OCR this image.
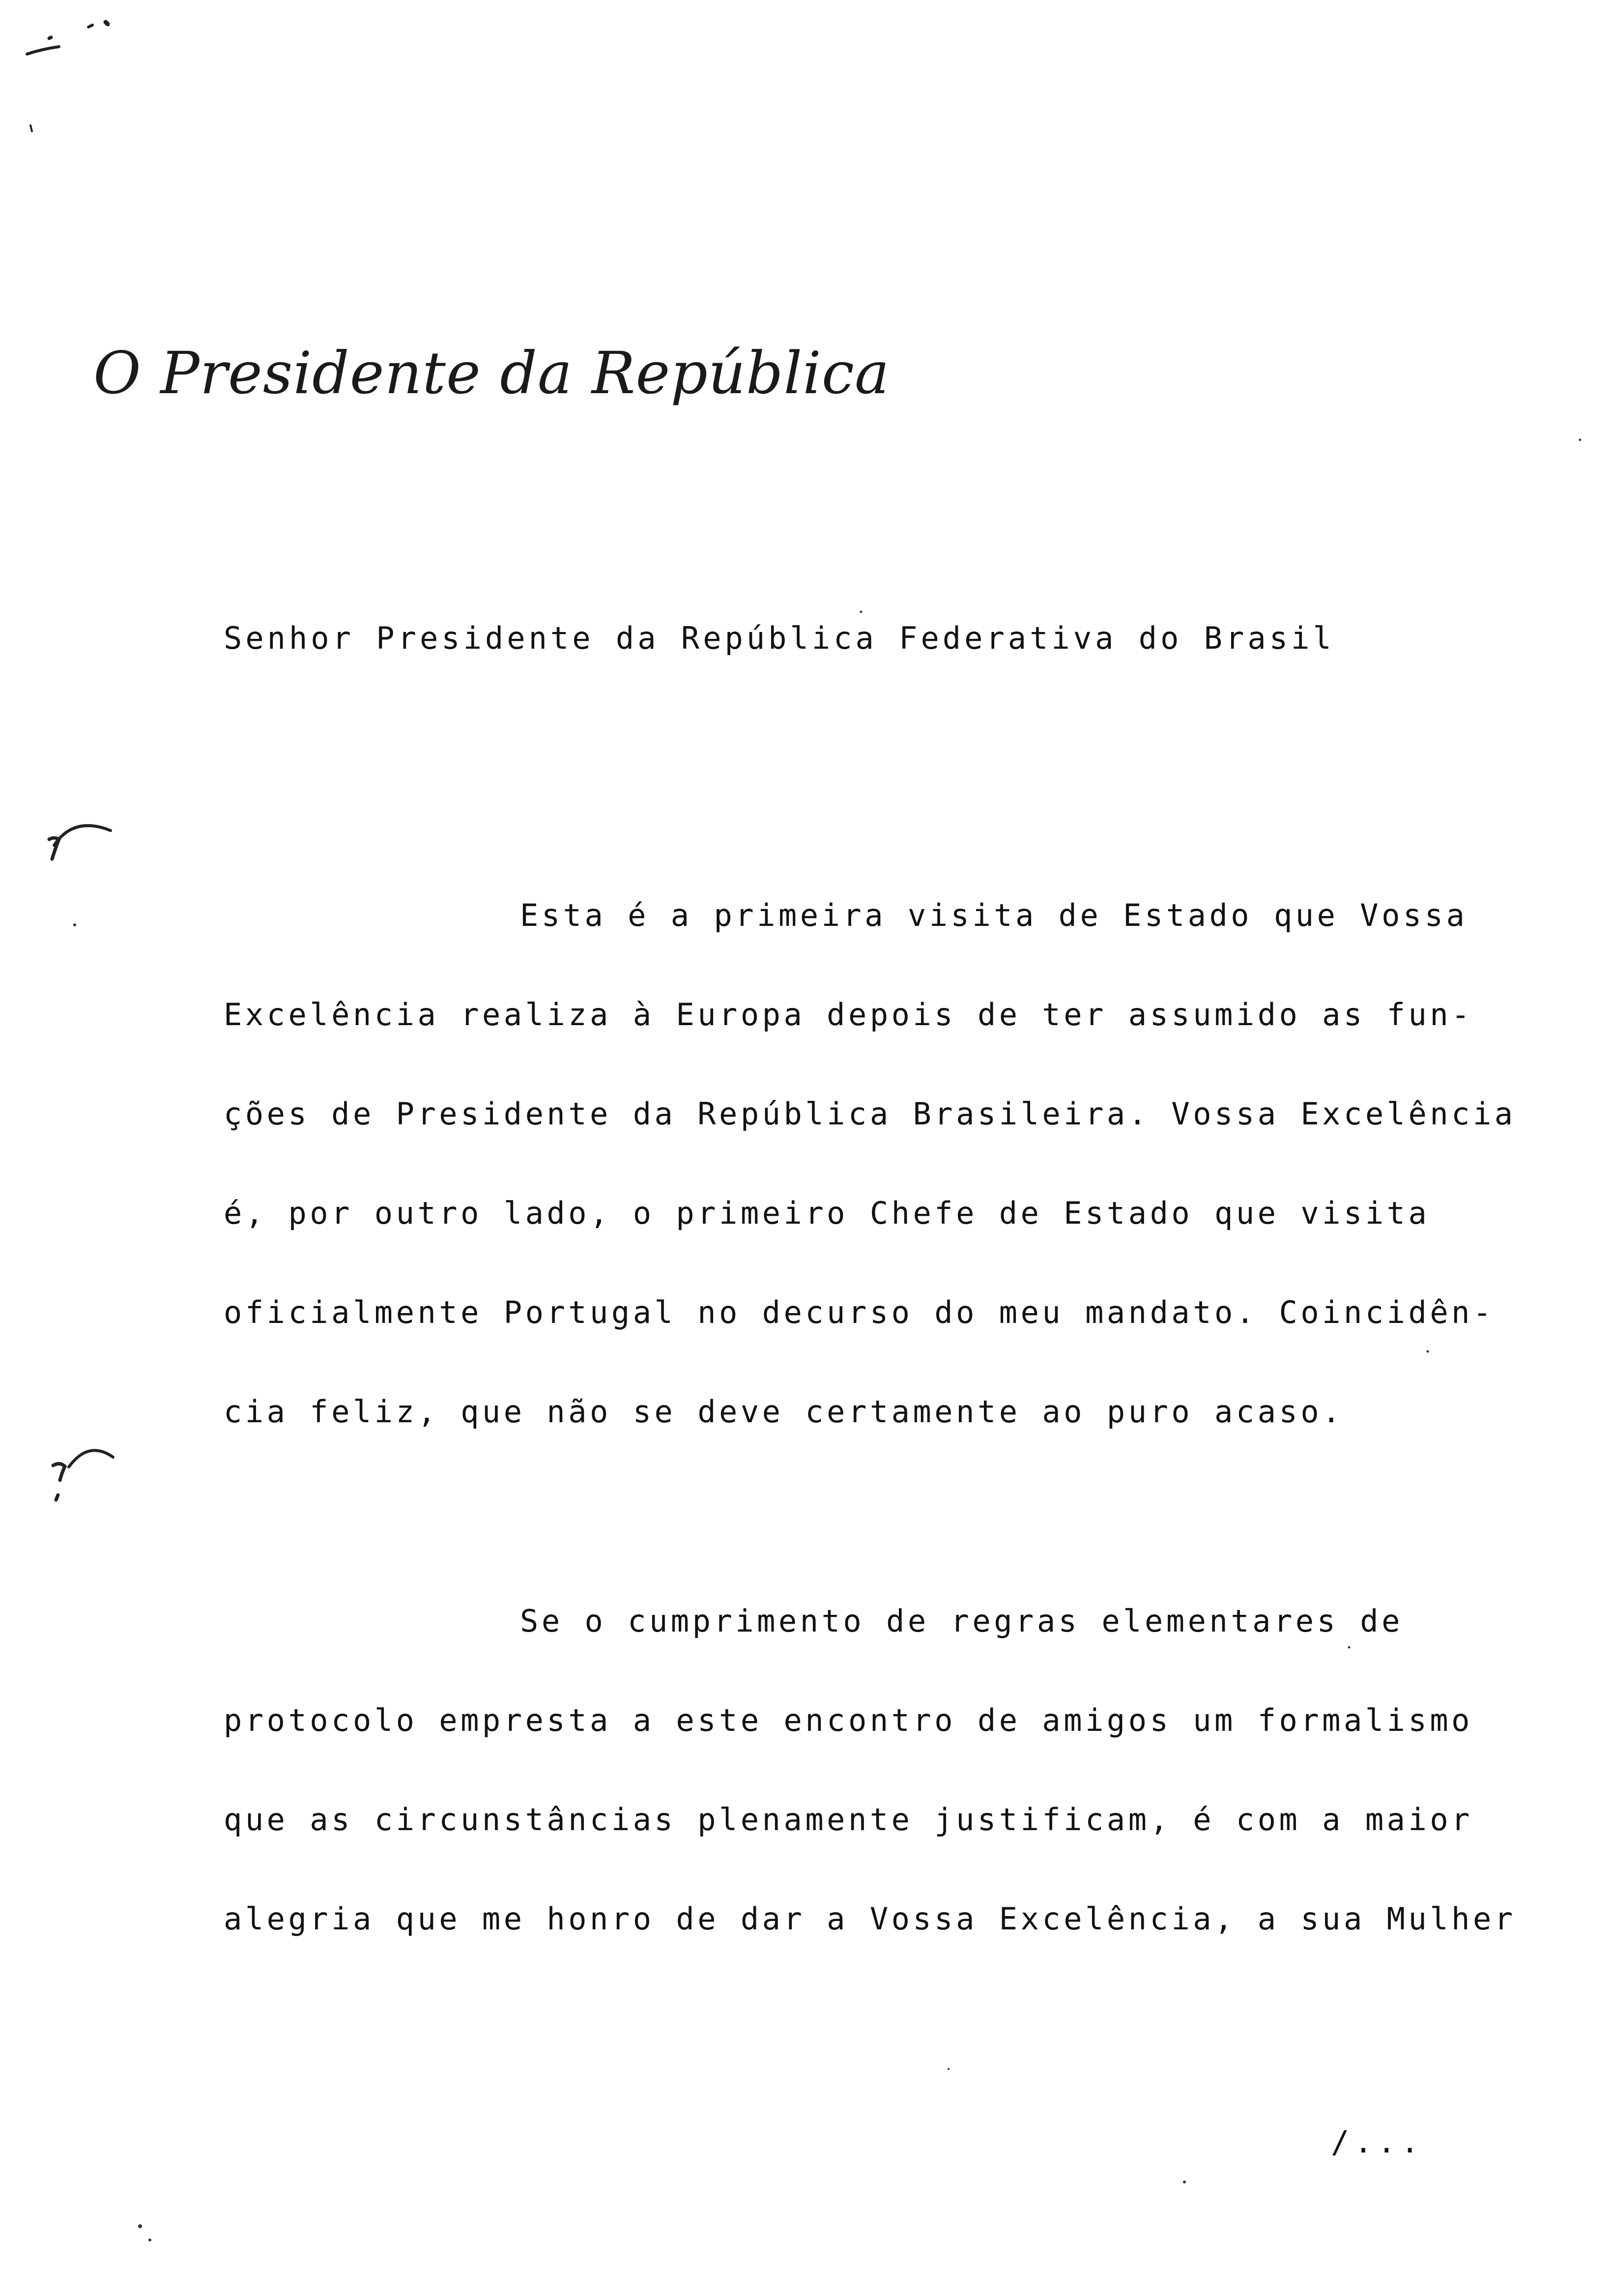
O Presidente da República
Senhor Presidente da República Federativa do Brasil
Esta é a primeira visita de Estado que Vossa
Excelência realiza à Europa depois de ter assumido as fun-
ções de Presidente da República Brasileira. Vossa Excelência
é, por outro lado, o primeiro Chefe de Estado que visita
oficialmente Portugal no decurso do meu mandato. Coincidên-
cia feliz, que não se deve certamente ao puro acaso.
Se o cumprimento de regras elementares de
protocolo empresta a este encontro de amigos um formalismo
que as circunstâncias plenamente justificam, é com a maior
alegria que me honro de dar a Vossa Excelência, a sua Mulher
/...
